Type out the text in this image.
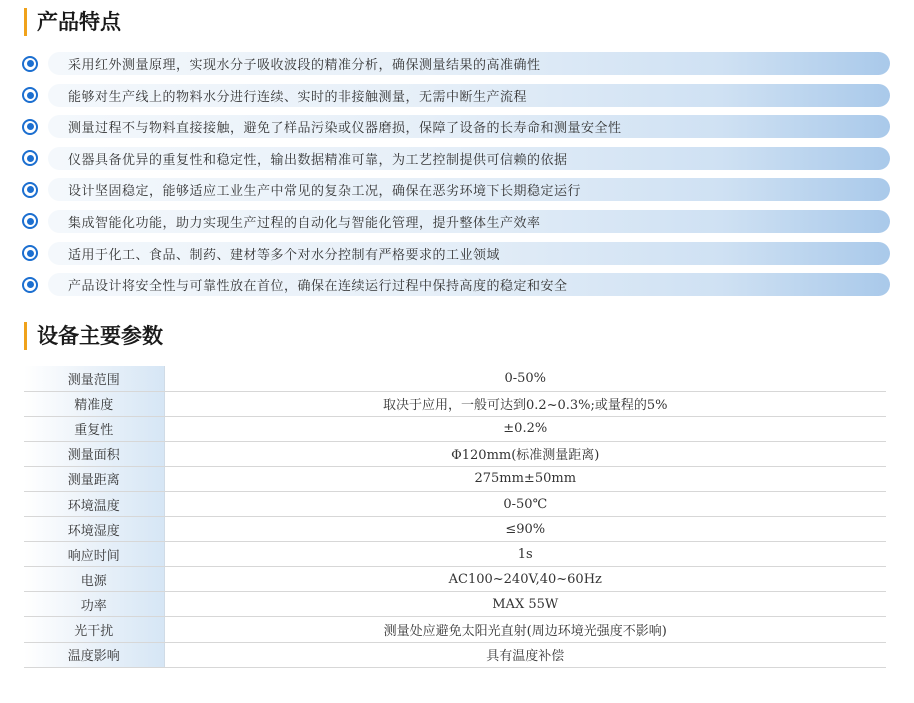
产品特点
采用红外测量原理，实现水分子吸收波段的精准分析，确保测量结果的高准确性
能够对生产线上的物料水分进行连续、实时的非接触测量，无需中断生产流程
测量过程不与物料直接接触，避免了样品污染或仪器磨损，保障了设备的长寿命和测量安全性
仪器具备优异的重复性和稳定性，输出数据精准可靠，为工艺控制提供可信赖的依据
设计坚固稳定，能够适应工业生产中常见的复杂工况，确保在恶劣环境下长期稳定运行
集成智能化功能，助力实现生产过程的自动化与智能化管理，提升整体生产效率
适用于化工、食品、制药、建材等多个对水分控制有严格要求的工业领域
产品设计将安全性与可靠性放在首位，确保在连续运行过程中保持高度的稳定和安全
设备主要参数
测量范围	0-50%
精准度	取决于应用，一般可达到0.2~0.3%;或量程的5%
重复性	±0.2%
测量面积	Φ120mm(标准测量距离)
测量距离	275mm±50mm
环境温度	0-50℃
环境湿度	≤90%
响应时间	1s
电源	AC100~240V,40~60Hz
功率	MAX 55W
光干扰	测量处应避免太阳光直射(周边环境光强度不影响)
温度影响	具有温度补偿
